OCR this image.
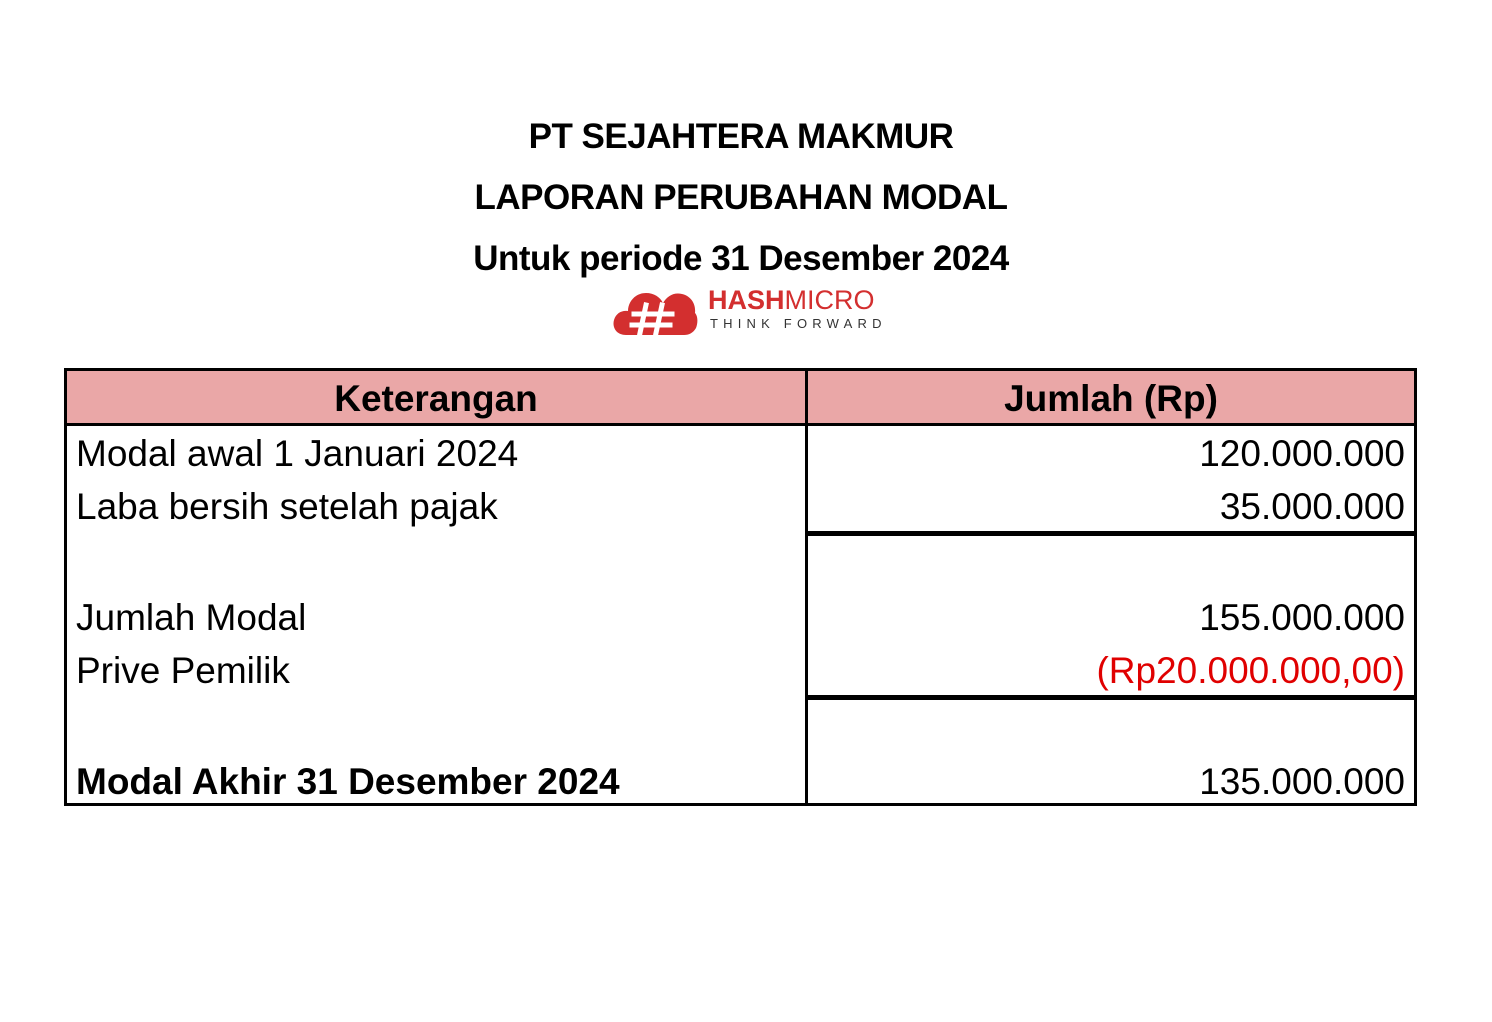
PT SEJAHTERA MAKMUR
LAPORAN PERUBAHAN MODAL
Untuk periode 31 Desember 2024
HASHMICRO
THINK FORWARD
Keterangan	Jumlah (Rp)
Modal awal 1 Januari 2024	120.000.000
Laba bersih setelah pajak	35.000.000
Jumlah Modal	155.000.000
Prive Pemilik	(Rp20.000.000,00)
Modal Akhir 31 Desember 2024	135.000.000
